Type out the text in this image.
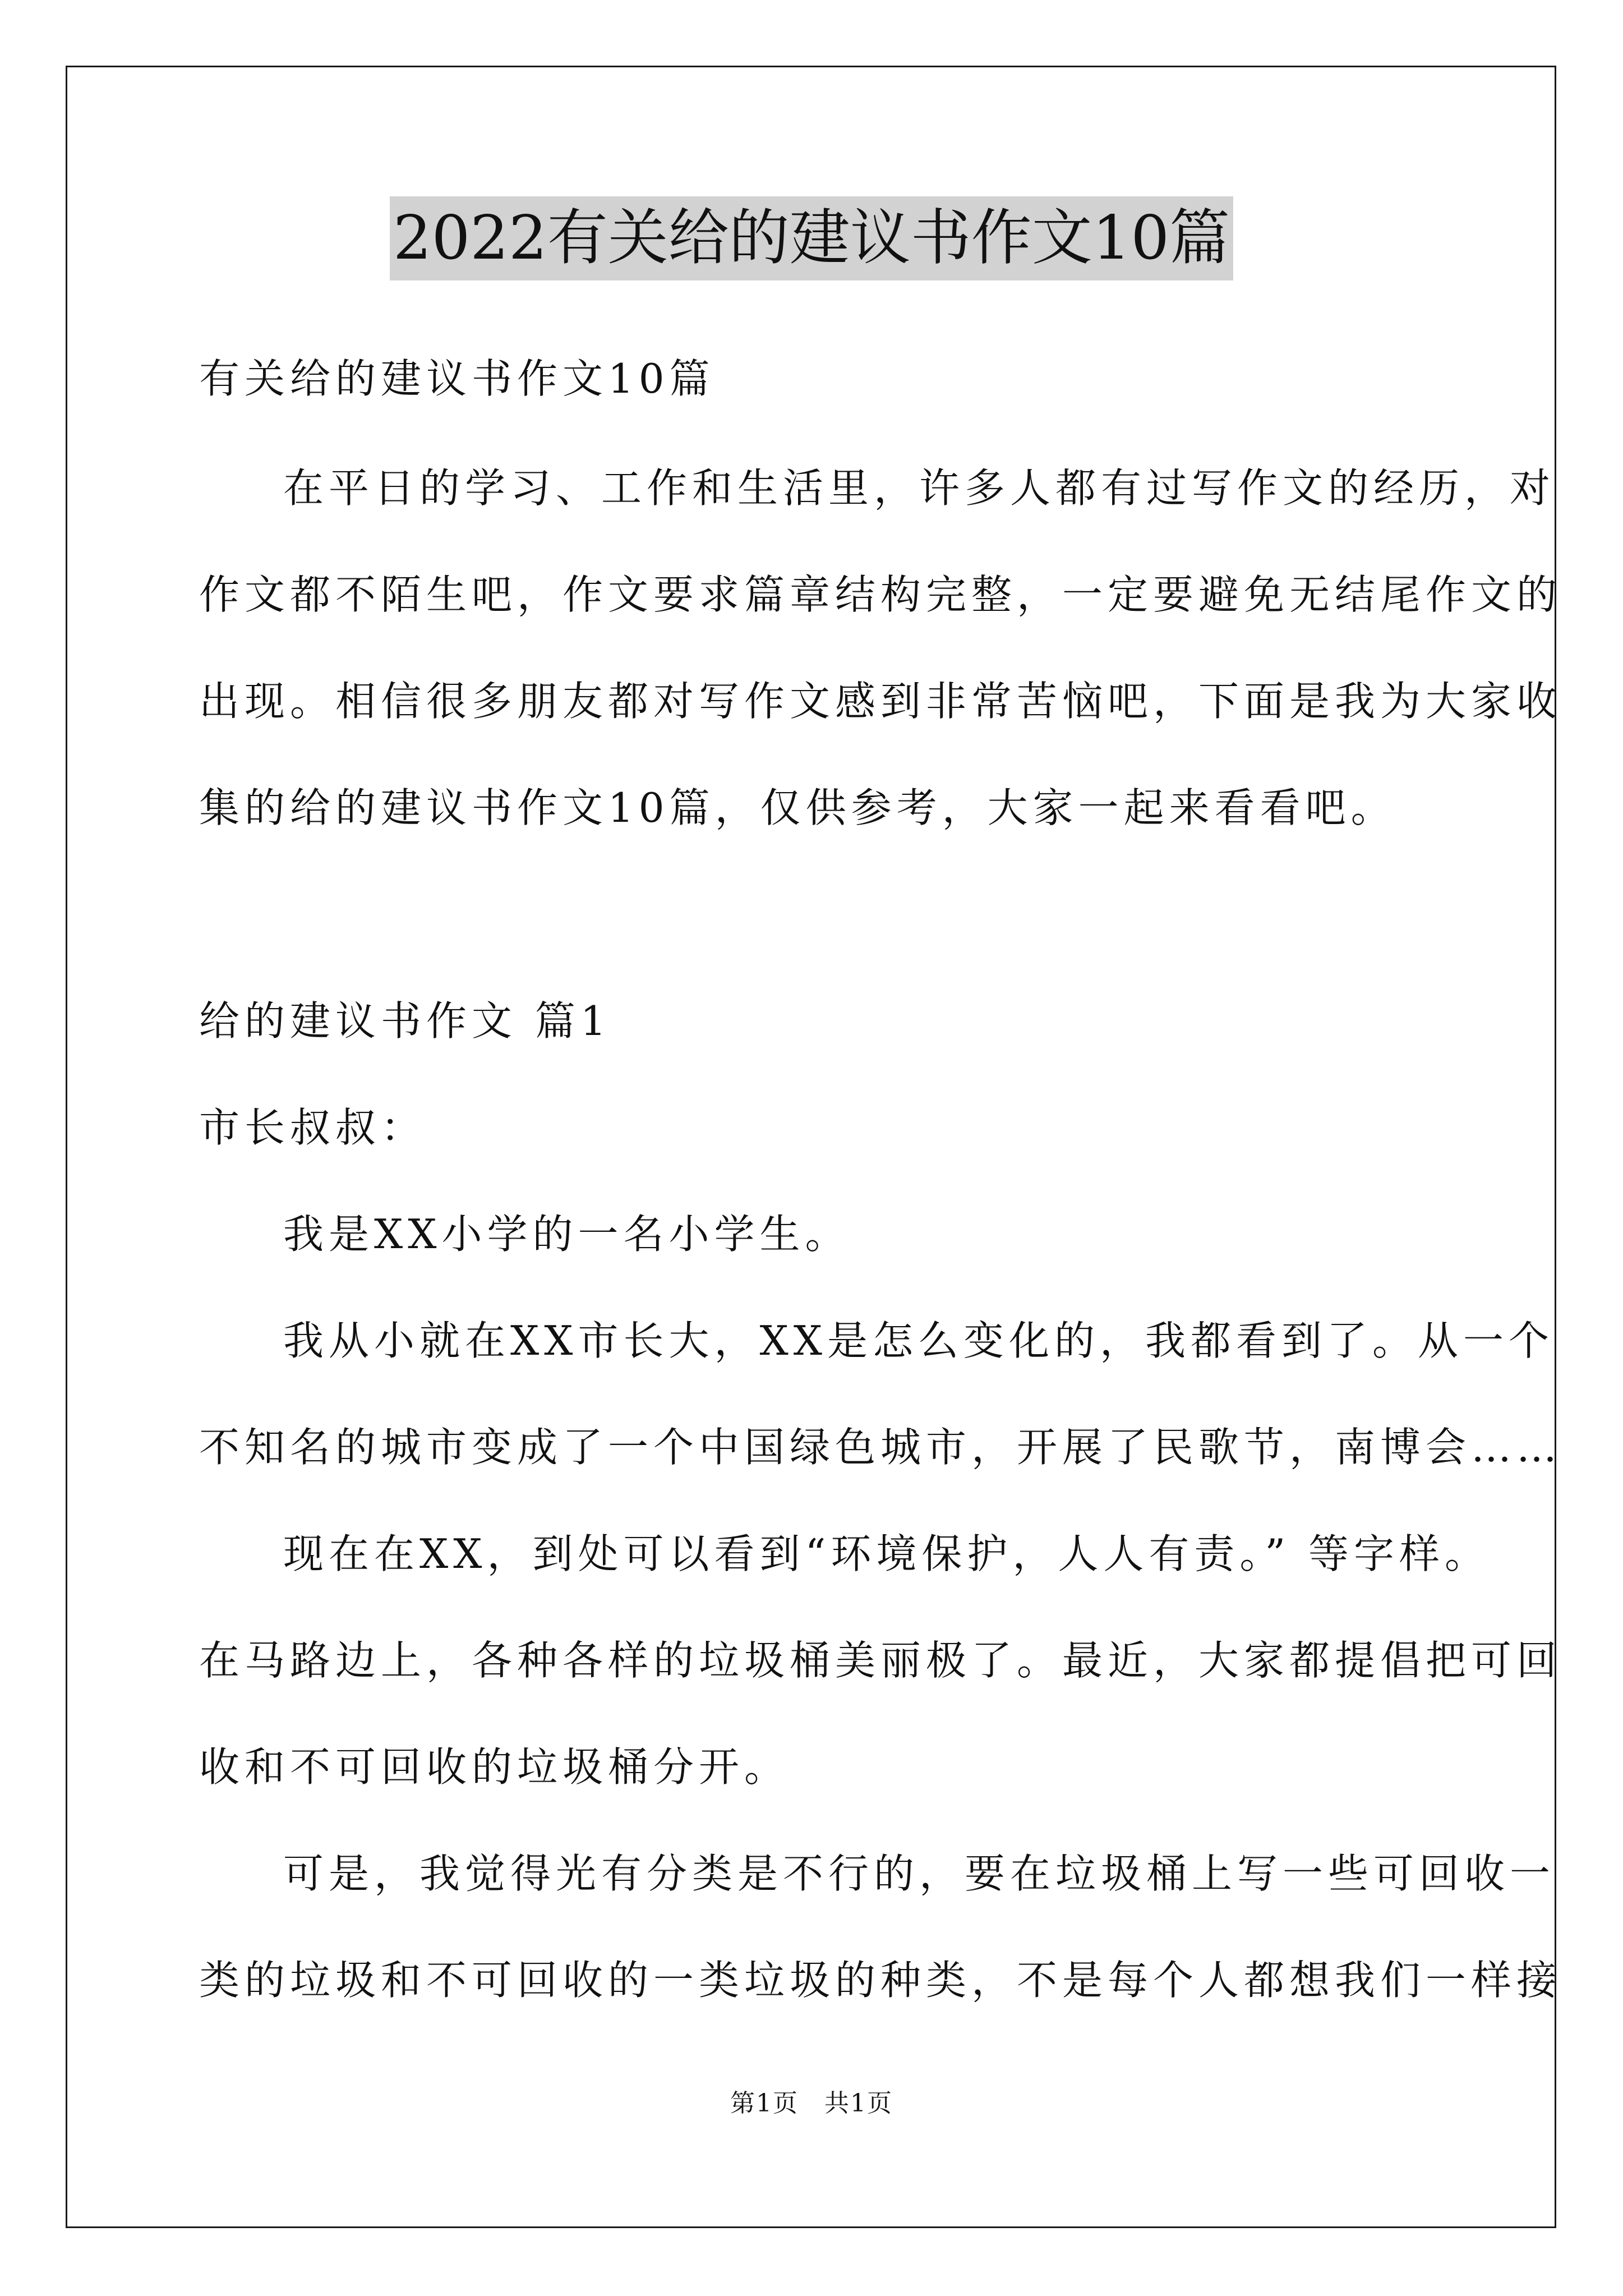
2022有关给的建议书作文10篇
有关给的建议书作文10篇
在平日的学习、工作和生活里，许多人都有过写作文的经历，对
作文都不陌生吧，作文要求篇章结构完整，一定要避免无结尾作文的
出现。相信很多朋友都对写作文感到非常苦恼吧，下面是我为大家收
集的给的建议书作文10篇，仅供参考，大家一起来看看吧。
给的建议书作文 篇1
市长叔叔：
我是XX小学的一名小学生。
我从小就在XX市长大，XX是怎么变化的，我都看到了。从一个
不知名的城市变成了一个中国绿色城市，开展了民歌节，南博会……
现在在XX，到处可以看到“环境保护，人人有责。” 等字样。
在马路边上，各种各样的垃圾桶美丽极了。最近，大家都提倡把可回
收和不可回收的垃圾桶分开。
可是，我觉得光有分类是不行的，要在垃圾桶上写一些可回收一
类的垃圾和不可回收的一类垃圾的种类，不是每个人都想我们一样接
第1页　共1页
